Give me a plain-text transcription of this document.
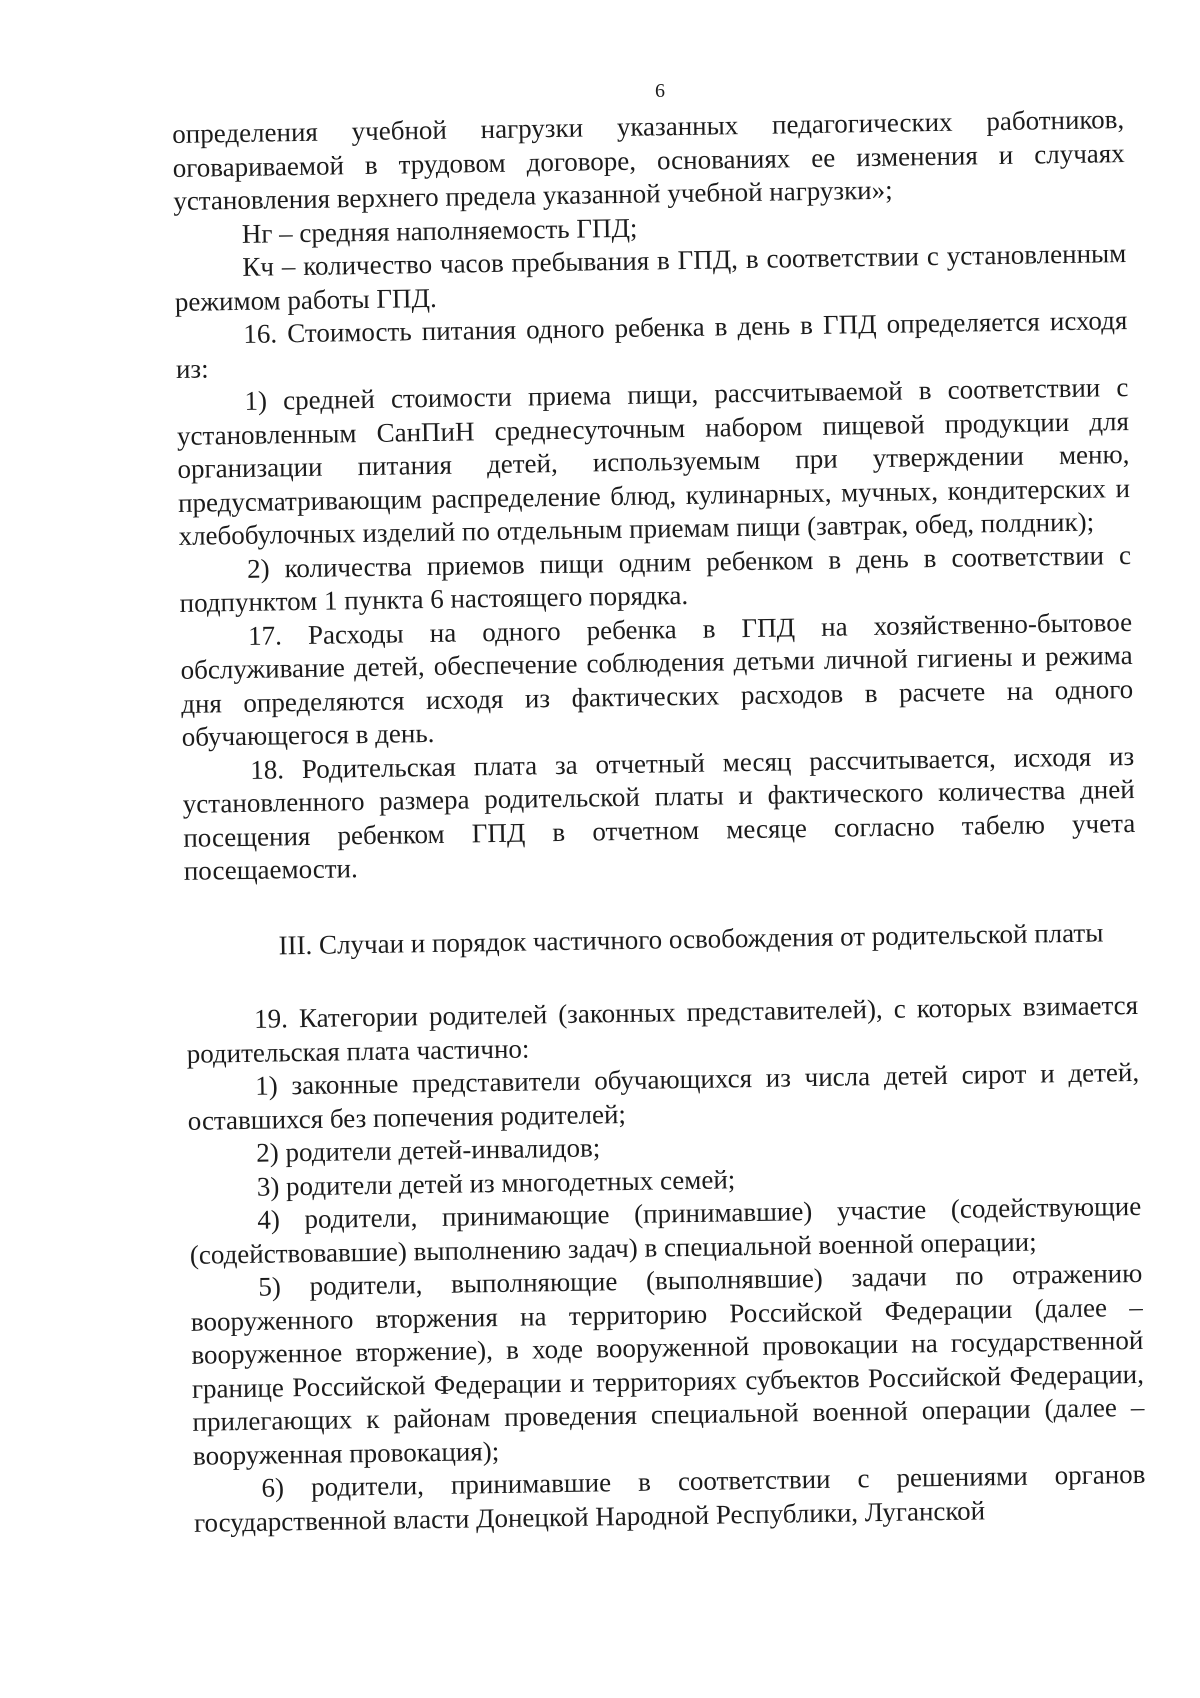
6

определения учебной нагрузки указанных педагогических работников, оговариваемой в трудовом договоре, основаниях ее изменения и случаях установления верхнего предела указанной учебной нагрузки»;

Нг – средняя наполняемость ГПД;

Кч – количество часов пребывания в ГПД, в соответствии с установленным режимом работы ГПД.

16. Стоимость питания одного ребенка в день в ГПД определяется исходя из:

1) средней стоимости приема пищи, рассчитываемой в соответствии с установленным СанПиН среднесуточным набором пищевой продукции для организации питания детей, используемым при утверждении меню, предусматривающим распределение блюд, кулинарных, мучных, кондитерских и хлебобулочных изделий по отдельным приемам пищи (завтрак, обед, полдник);

2) количества приемов пищи одним ребенком в день в соответствии с подпунктом 1 пункта 6 настоящего порядка.

17. Расходы на одного ребенка в ГПД на хозяйственно-бытовое обслуживание детей, обеспечение соблюдения детьми личной гигиены и режима дня определяются исходя из фактических расходов в расчете на одного обучающегося в день.

18. Родительская плата за отчетный месяц рассчитывается, исходя из установленного размера родительской платы и фактического количества дней посещения ребенком ГПД в отчетном месяце согласно табелю учета посещаемости.

III. Случаи и порядок частичного освобождения от родительской платы

19. Категории родителей (законных представителей), с которых взимается родительская плата частично:

1) законные представители обучающихся из числа детей сирот и детей, оставшихся без попечения родителей;

2) родители детей-инвалидов;

3) родители детей из многодетных семей;

4) родители, принимающие (принимавшие) участие (содействующие (содействовавшие) выполнению задач) в специальной военной операции;

5) родители, выполняющие (выполнявшие) задачи по отражению вооруженного вторжения на территорию Российской Федерации (далее – вооруженное вторжение), в ходе вооруженной провокации на государственной границе Российской Федерации и территориях субъектов Российской Федерации, прилегающих к районам проведения специальной военной операции (далее – вооруженная провокация);

6) родители, принимавшие в соответствии с решениями органов государственной власти Донецкой Народной Республики, Луганской
